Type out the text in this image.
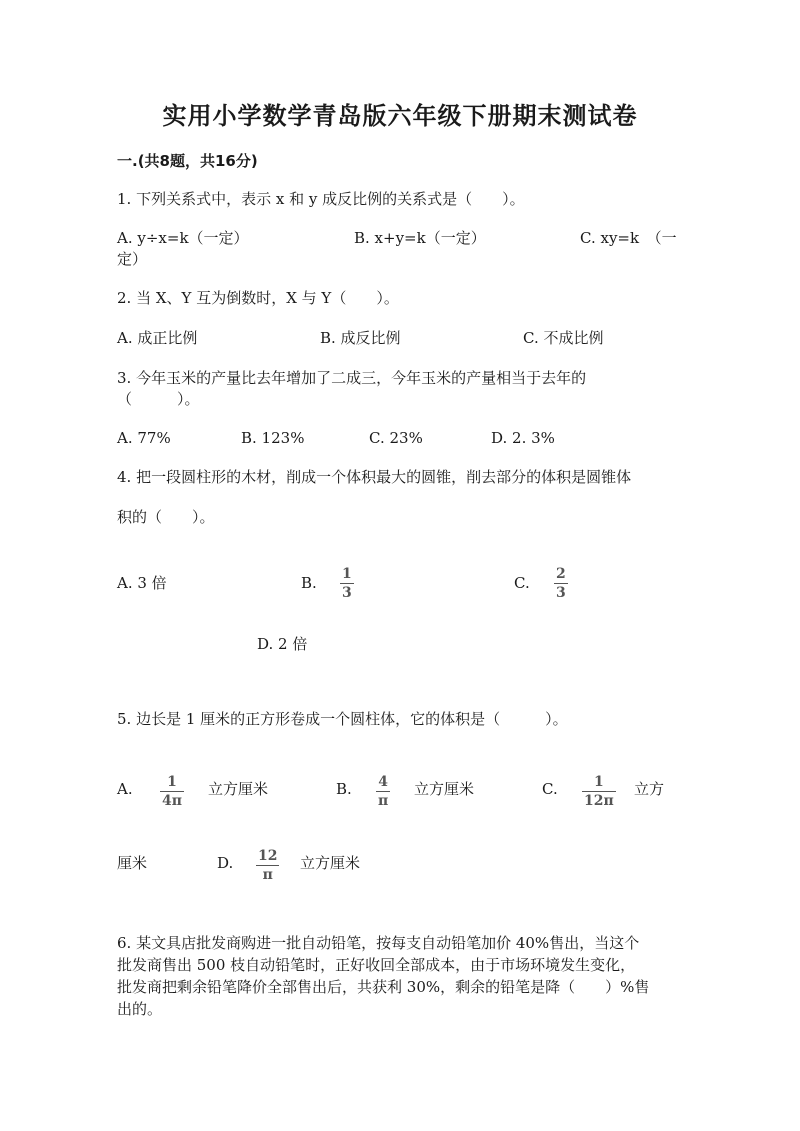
实用小学数学青岛版六年级下册期末测试卷
一.(共8题，共16分)
1. 下列关系式中，表示 x 和 y 成反比例的关系式是（　　）。
A. y÷x=k（一定）	B. x+y=k（一定）	C. xy=k　（一
定）
2. 当 X、Y 互为倒数时，X 与 Y（　　）。
A. 成正比例	B. 成反比例	C. 不成比例
3. 今年玉米的产量比去年增加了二成三，今年玉米的产量相当于去年的
（　　　）。
A. 77%	B. 123%	C. 23%	D. 2. 3%
4. 把一段圆柱形的木材，削成一个体积最大的圆锥，削去部分的体积是圆锥体
积的（　　）。
A. 3 倍	B. 1
3
C. 2
3
D. 2 倍
5. 边长是 1 厘米的正方形卷成一个圆柱体，它的体积是（　　　）。
A. 1
4π
立方厘米	B. 4
π
立方厘米	C.	1
12π
立方
厘米	D. 12
π
立方厘米
6. 某文具店批发商购进一批自动铅笔，按每支自动铅笔加价 40%售出，当这个
批发商售出 500 枝自动铅笔时，正好收回全部成本，由于市场环境发生变化，
批发商把剩余铅笔降价全部售出后，共获利 30%，剩余的铅笔是降（　　）%售
出的。
